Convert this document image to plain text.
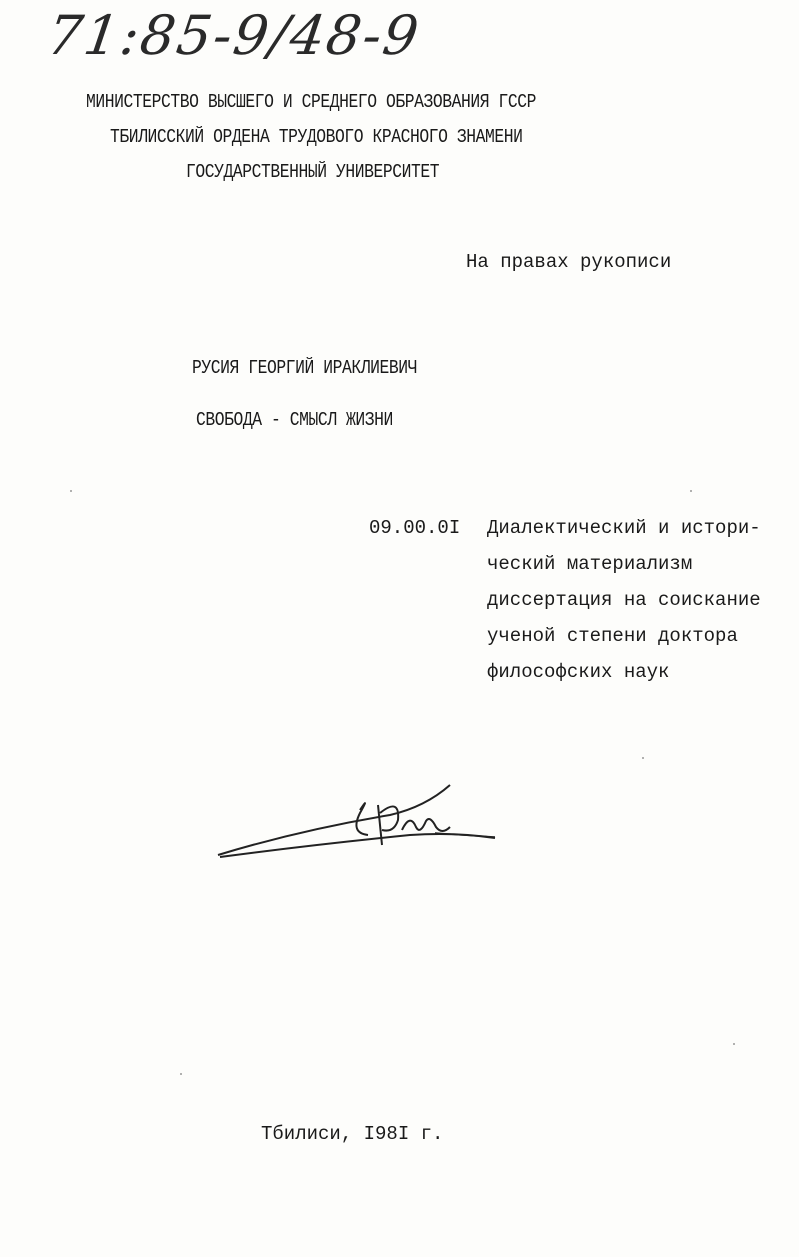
71:85-9/48-9
МИНИСТЕРСТВО ВЫСШЕГО И СРЕДНЕГО ОБРАЗОВАНИЯ ГССР
ТБИЛИССКИЙ ОРДЕНА ТРУДОВОГО КРАСНОГО ЗНАМЕНИ
ГОСУДАРСТВЕННЫЙ УНИВЕРСИТЕТ
На правах рукописи
РУСИЯ ГЕОРГИЙ ИРАКЛИЕВИЧ
СВОБОДА - СМЫСЛ ЖИЗНИ
09.00.0I Диалектический и истори-
ческий материализм
диссертация на соискание
ученой степени доктора
философских наук
Тбилиси, I98I г.
